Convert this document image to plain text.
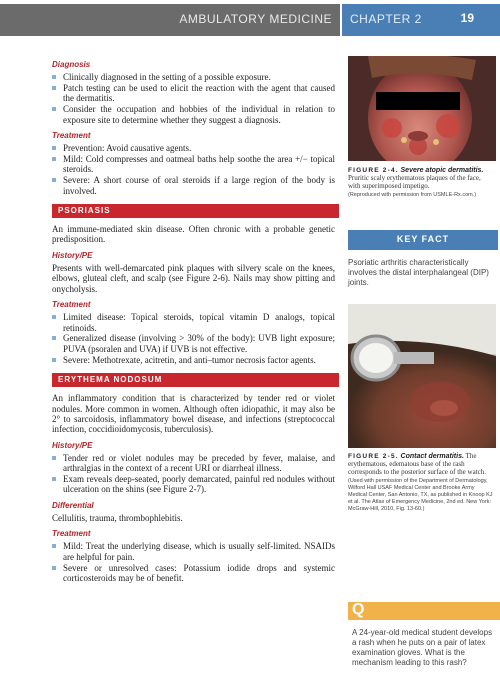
AMBULATORY MEDICINE CHAPTER 2	19
Diagnosis
Clinically diagnosed in the setting of a possible exposure.
Patch testing can be used to elicit the reaction with the agent that caused the dermatitis.
Consider the occupation and hobbies of the individual in relation to exposure site to determine whether they suggest a diagnosis.
Treatment
Prevention: Avoid causative agents.
Mild: Cold compresses and oatmeal baths help soothe the area +/− topical steroids.
Severe: A short course of oral steroids if a large region of the body is involved.
PSORIASIS

An immune-mediated skin disease. Often chronic with a probable genetic predisposition.

History/PE

Presents with well-demarcated pink plaques with silvery scale on the knees, elbows, gluteal cleft, and scalp (see Figure 2-6). Nails may show pitting and onycholysis.

Treatment
Limited disease: Topical steroids, topical vitamin D analogs, topical retinoids.
Generalized disease (involving > 30% of the body): UVB light exposure; PUVA (psoralen and UVA) if UVB is not effective.
Severe: Methotrexate, acitretin, and anti–tumor necrosis factor agents.
ERYTHEMA NODOSUM

An inflammatory condition that is characterized by tender red or violet nodules. More common in women. Although often idiopathic, it may also be 2° to sarcoidosis, inflammatory bowel disease, and infections (streptococcal infection, coccidioidomycosis, tuberculosis).

History/PE
Tender red or violet nodules may be preceded by fever, malaise, and arthralgias in the context of a recent URI or diarrheal illness.
Exam reveals deep-seated, poorly demarcated, painful red nodules without ulceration on the shins (see Figure 2-7).
Differential

Cellulitis, trauma, thrombophlebitis.

Treatment
Mild: Treat the underlying disease, which is usually self-limited. NSAIDs are helpful for pain.
Severe or unresolved cases: Potassium iodide drops and systemic corticosteroids may be of benefit.
FIGURE 2-4. Severe atopic dermatitis. Pruritic scaly erythematous plaques of the face, with superimposed impetigo.
(Reproduced with permission from USMLE-Rx.com.)
KEY FACT
Psoriatic arthritis characteristically involves the distal interphalangeal (DIP) joints.
FIGURE 2-5. Contact dermatitis. The erythematous, edematous base of the rash corresponds to the posterior surface of the watch.
(Used with permission of the Department of Dermatology, Wilford Hall USAF Medical Center and Brooke Army Medical Center, San Antonio, TX, as published in Knoop KJ et al. The Atlas of Emergency Medicine, 2nd ed. New York: McGraw-Hill, 2010, Fig. 13-60.)
Q
A 24-year-old medical student develops a rash when he puts on a pair of latex examination gloves. What is the mechanism leading to this rash?
